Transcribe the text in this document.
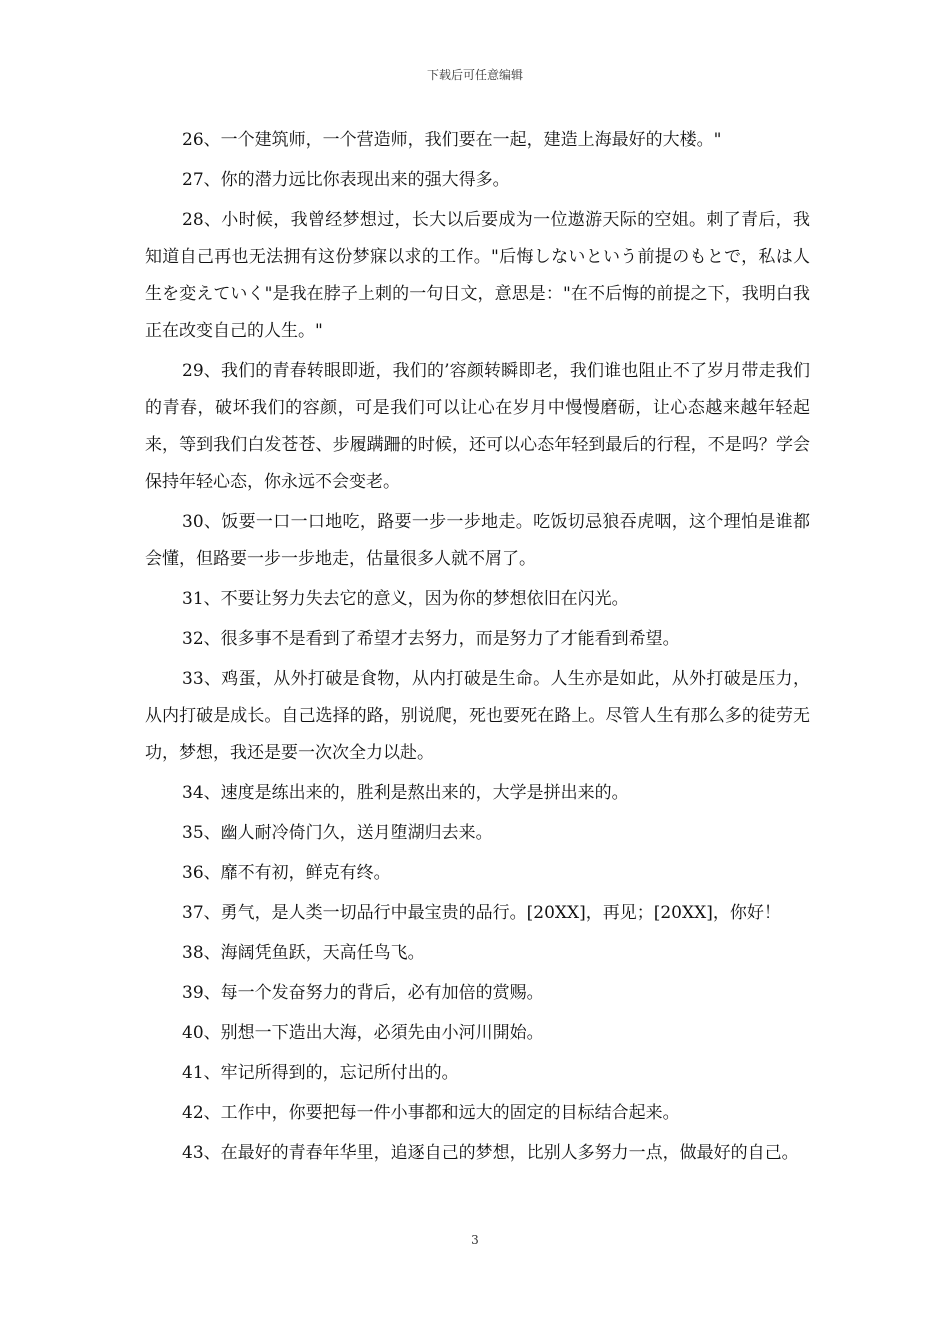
下载后可任意编辑

26、一个建筑师，一个营造师，我们要在一起，建造上海最好的大楼。"

27、你的潜力远比你表现出来的强大得多。

28、小时候，我曾经梦想过，长大以后要成为一位遨游天际的空姐。刺了青后，我知道自己再也无法拥有这份梦寐以求的工作。"后悔しないという前提のもとで，私は人生を変えていく"是我在脖子上刺的一句日文，意思是："在不后悔的前提之下，我明白我正在改变自己的人生。"

29、我们的青春转眼即逝，我们的’容颜转瞬即老，我们谁也阻止不了岁月带走我们的青春，破坏我们的容颜，可是我们可以让心在岁月中慢慢磨砺，让心态越来越年轻起来，等到我们白发苍苍、步履蹒跚的时候，还可以心态年轻到最后的行程，不是吗？学会保持年轻心态，你永远不会变老。

30、饭要一口一口地吃，路要一步一步地走。吃饭切忌狼吞虎咽，这个理怕是谁都会懂，但路要一步一步地走，估量很多人就不屑了。

31、不要让努力失去它的意义，因为你的梦想依旧在闪光。

32、很多事不是看到了希望才去努力，而是努力了才能看到希望。

33、鸡蛋，从外打破是食物，从内打破是生命。人生亦是如此，从外打破是压力，从内打破是成长。自己选择的路，别说爬，死也要死在路上。尽管人生有那么多的徒劳无功，梦想，我还是要一次次全力以赴。

34、速度是练出来的，胜利是熬出来的，大学是拼出来的。

35、幽人耐冷倚门久，送月堕湖归去来。

36、靡不有初，鲜克有终。

37、勇气，是人类一切品行中最宝贵的品行。[20XX]，再见；[20XX]，你好！

38、海阔凭鱼跃，天高任鸟飞。

39、每一个发奋努力的背后，必有加倍的赏赐。

40、别想一下造出大海，必須先由小河川開始。

41、牢记所得到的，忘记所付出的。

42、工作中，你要把每一件小事都和远大的固定的目标结合起来。

43、在最好的青春年华里，追逐自己的梦想，比别人多努力一点，做最好的自己。

3
